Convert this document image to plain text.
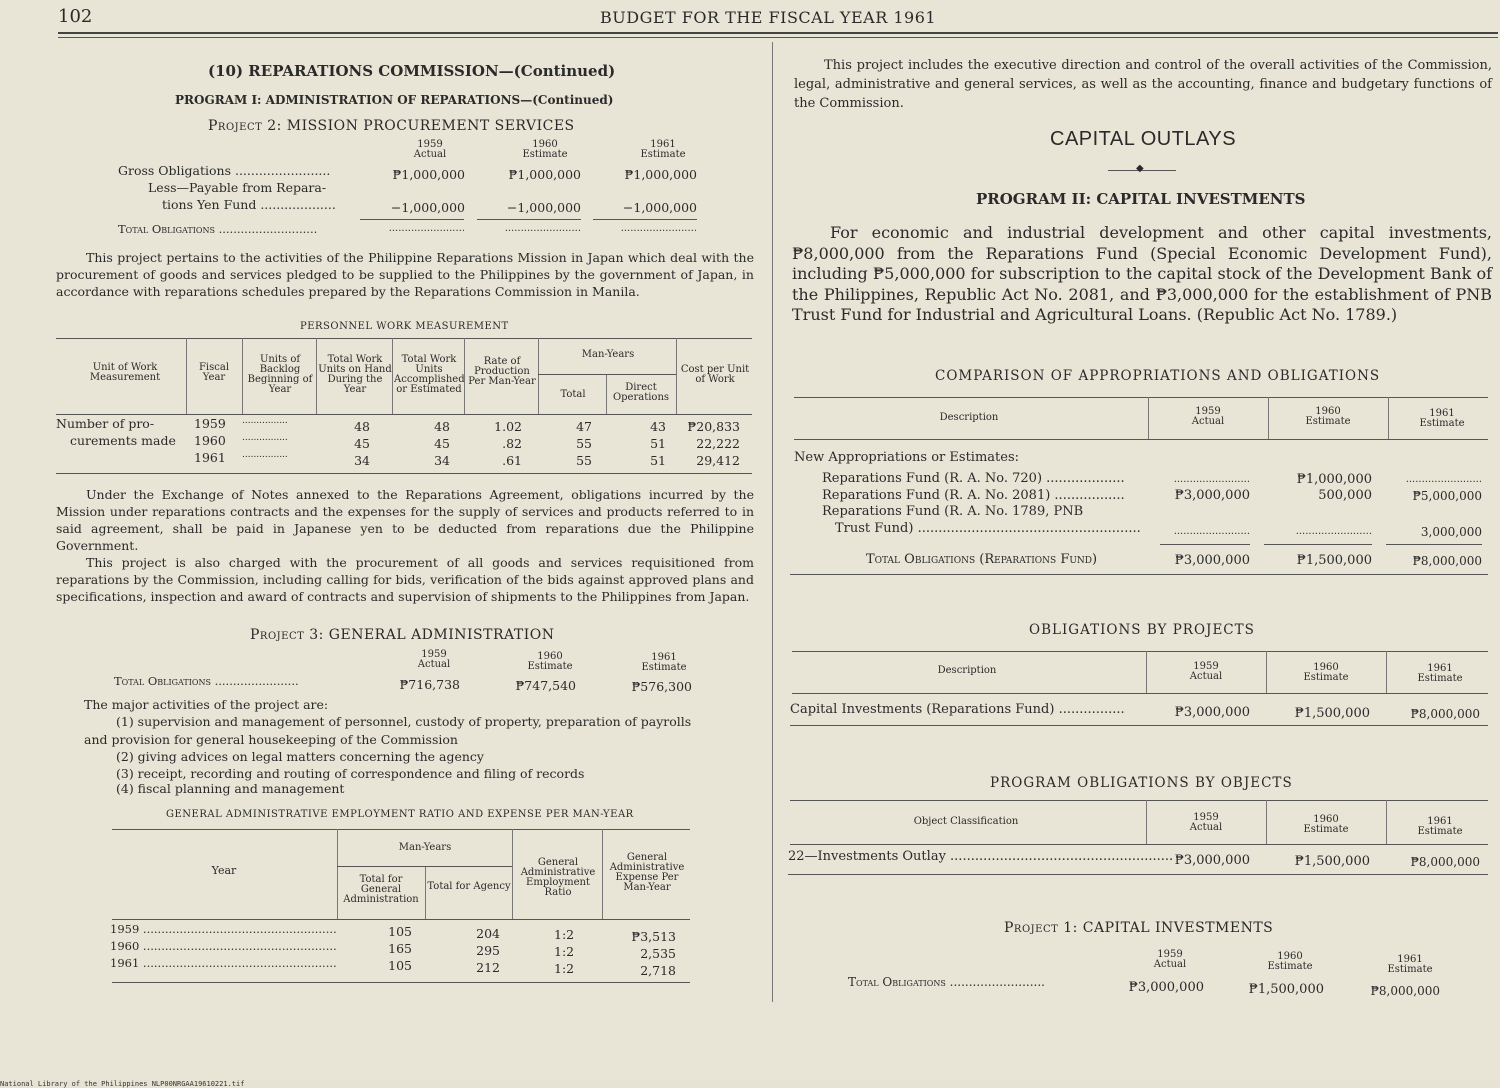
102	BUDGET FOR THE FISCAL YEAR 1961
(10) REPARATIONS COMMISSION—(Continued)
PROGRAM I: ADMINISTRATION OF REPARATIONS—(Continued)
Project 2: MISSION PROCUREMENT SERVICES
1959
Actual
1960
Estimate
1961
Estimate
Gross Obligations ........................	₱1,000,000	₱1,000,000	₱1,000,000
Less—Payable from Repara-
tions Yen Fund ...................	−1,000,000	−1,000,000	−1,000,000
Total Obligations ...........................	........................	........................	........................
This project pertains to the activities of the Philippine Reparations Mission in Japan which deal with the procurement of goods and services pledged to be supplied to the Philippines by the government of Japan, in accordance with reparations schedules prepared by the Reparations Commission in Manila.
PERSONNEL WORK MEASUREMENT
Unit of Work Measurement
Fiscal Year
Units of Backlog Beginning of Year
Total Work Units on Hand During the Year
Total Work Units Accomplished or Estimated
Rate of Production Per Man-Year
Man-Years
Total
Direct Operations
Cost per Unit of Work
Number of pro-
curements made
1959 ................	48	48	1.02	47	43	₱20,833
1960 ................	45	45	.82	55	51	22,222
1961 ................	34	34	.61	55	51	29,412
Under the Exchange of Notes annexed to the Reparations Agreement, obligations incurred by the Mission under reparations contracts and the expenses for the supply of services and products referred to in said agreement, shall be paid in Japanese yen to be deducted from reparations due the Philippine Government.
This project is also charged with the procurement of all goods and services requisitioned from reparations by the Commission, including calling for bids, verification of the bids against approved plans and specifications, inspection and award of contracts and supervision of shipments to the Philippines from Japan.
Project 3: GENERAL ADMINISTRATION
1959
Actual
1960
Estimate
1961
Estimate
Total Obligations .......................	₱716,738	₱747,540	₱576,300
The major activities of the project are:
(1) supervision and management of personnel, custody of property, preparation of payrolls
and provision for general housekeeping of the Commission
(2) giving advices on legal matters concerning the agency
(3) receipt, recording and routing of correspondence and filing of records
(4) fiscal planning and management
GENERAL ADMINISTRATIVE EMPLOYMENT RATIO AND EXPENSE PER MAN-YEAR
Year
Man-Years
Total for General Administration
Total for Agency
General Administrative Employment Ratio
General Administrative Expense Per Man-Year
1959 .....................................................	105	204	1:2	₱3,513
1960 .....................................................	165	295	1:2	2,535
1961 .....................................................	105	212	1:2	2,718
This project includes the executive direction and control of the overall activities of the Commission, legal, administrative and general services, as well as the accounting, finance and budgetary functions of the Commission.
CAPITAL OUTLAYS
◆
PROGRAM II: CAPITAL INVESTMENTS
For economic and industrial development and other capital investments, ₱8,000,000 from the Reparations Fund (Special Economic Development Fund), including ₱5,000,000 for subscription to the capital stock of the Development Bank of the Philippines, Republic Act No. 2081, and ₱3,000,000 for the establishment of PNB Trust Fund for Industrial and Agricultural Loans. (Republic Act No. 1789.)
COMPARISON OF APPROPRIATIONS AND OBLIGATIONS
Description
1959
Actual
1960
Estimate
1961
Estimate
New Appropriations or Estimates:
Reparations Fund (R. A. No. 720) ...................	........................	₱1,000,000	........................
Reparations Fund (R. A. No. 2081) .................	₱3,000,000	500,000	₱5,000,000
Reparations Fund (R. A. No. 1789, PNB
Trust Fund) ......................................................	........................	........................	3,000,000
Total Obligations (Reparations Fund)	₱3,000,000	₱1,500,000	₱8,000,000
OBLIGATIONS BY PROJECTS
Description	1959
Actual
1960
Estimate
1961
Estimate
Capital Investments (Reparations Fund) ................	₱3,000,000	₱1,500,000	₱8,000,000
PROGRAM OBLIGATIONS BY OBJECTS
Object Classification	1959
Actual
1960
Estimate
1961
Estimate
22—Investments Outlay ...................................................... ₱3,000,000	₱1,500,000	₱8,000,000
Project 1: CAPITAL INVESTMENTS
1959
Actual
1960
Estimate
1961
Estimate
Total Obligations .........................	₱3,000,000	₱1,500,000	₱8,000,000
National Library of the Philippines NLP00NRGAA19610221.tif
